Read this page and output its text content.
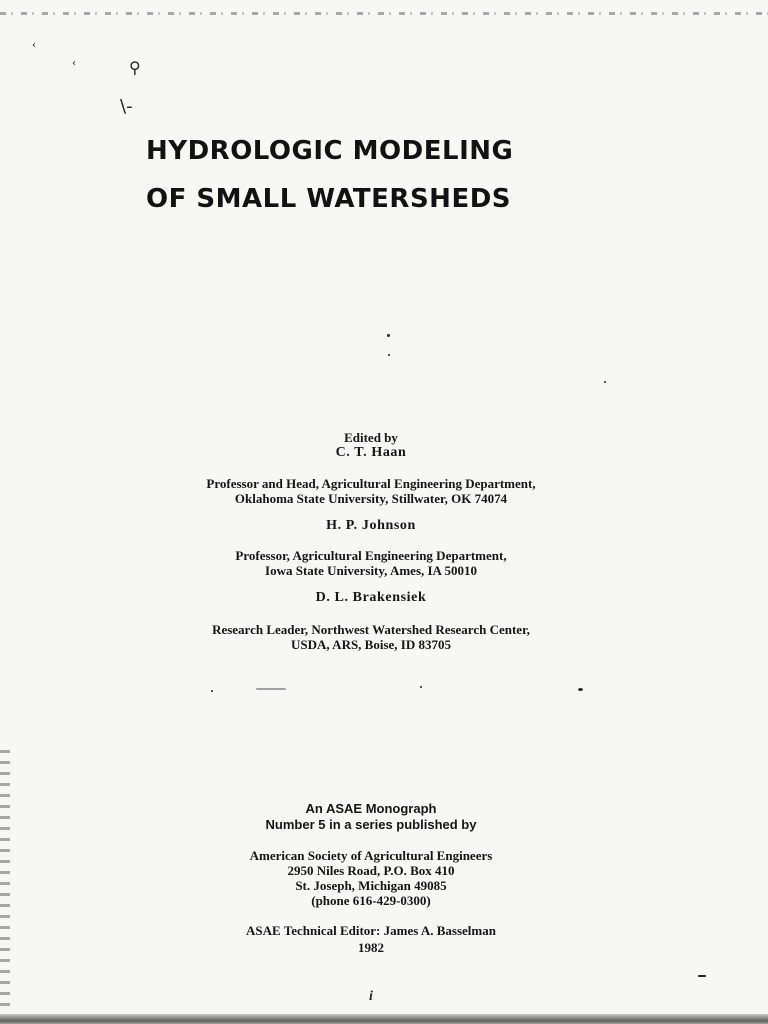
‹
‹	⚲
\-
HYDROLOGIC MODELING
OF SMALL WATERSHEDS
Edited by
C. T. Haan
Professor and Head, Agricultural Engineering Department,
Oklahoma State University, Stillwater, OK 74074
H. P. Johnson
Professor, Agricultural Engineering Department,
Iowa State University, Ames, IA 50010
D. L. Brakensiek
Research Leader, Northwest Watershed Research Center,
USDA, ARS, Boise, ID 83705
An ASAE Monograph
Number 5 in a series published by
American Society of Agricultural Engineers
2950 Niles Road, P.O. Box 410
St. Joseph, Michigan 49085
(phone 616-429-0300)
ASAE Technical Editor: James A. Basselman
1982
i
